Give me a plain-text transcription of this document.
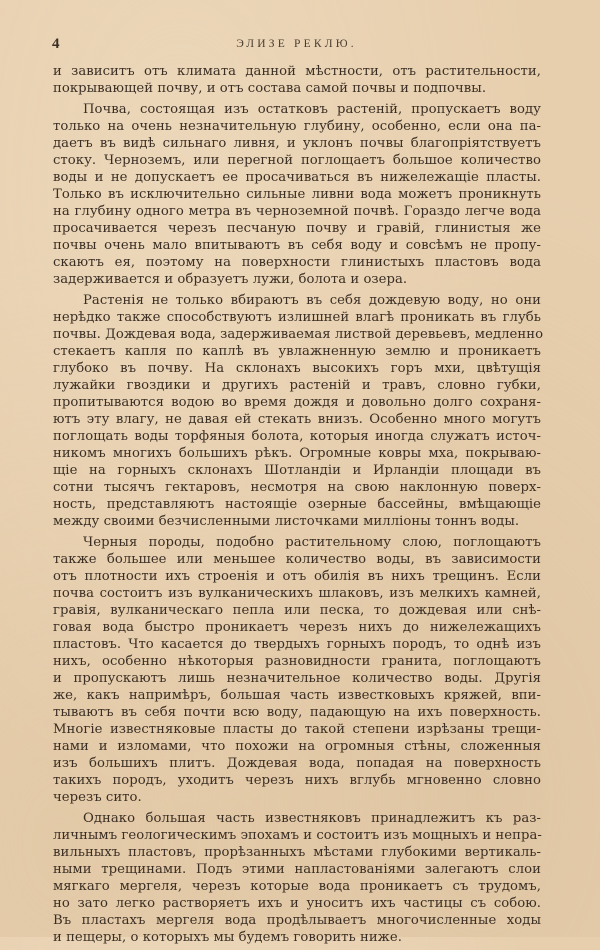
4	ЭЛИЗЕ РЕКЛЮ.

и зависитъ отъ климата данной мѣстности, отъ растительности,
покрывающей почву, и отъ состава самой почвы и подпочвы.

Почва, состоящая изъ остатковъ растеній, пропускаетъ воду
только на очень незначительную глубину, особенно, если она па-
даетъ въ видѣ сильнаго ливня, и уклонъ почвы благопріятствуетъ
стоку. Черноземъ, или перегной поглощаетъ большое количество
воды и не допускаетъ ее просачиваться въ нижележащіе пласты.
Только въ исключительно сильные ливни вода можетъ проникнуть
на глубину одного метра въ черноземной почвѣ. Гораздо легче вода
просачивается черезъ песчаную почву и гравій, глинистыя же
почвы очень мало впитываютъ въ себя воду и совсѣмъ не пропу-
скаютъ ея, поэтому на поверхности глинистыхъ пластовъ вода
задерживается и образуетъ лужи, болота и озера.

Растенія не только вбираютъ въ себя дождевую воду, но они
нерѣдко также способствуютъ излишней влагѣ проникать въ глубь
почвы. Дождевая вода, задерживаемая листвой деревьевъ, медленно
стекаетъ капля по каплѣ въ увлажненную землю и проникаетъ
глубоко въ почву. На склонахъ высокихъ горъ мхи, цвѣтущія
лужайки гвоздики и другихъ растеній и травъ, словно губки,
пропитываются водою во время дождя и довольно долго сохраня-
ютъ эту влагу, не давая ей стекать внизъ. Особенно много могутъ
поглощать воды торфяныя болота, которыя иногда служатъ источ-
никомъ многихъ большихъ рѣкъ. Огромные ковры мха, покрываю-
щіе на горныхъ склонахъ Шотландіи и Ирландіи площади въ
сотни тысячъ гектаровъ, несмотря на свою наклонную поверх-
ность, представляютъ настоящіе озерные бассейны, вмѣщающіе
между своими безчисленными листочками милліоны тоннъ воды.

Черныя породы, подобно растительному слою, поглощаютъ
также большее или меньшее количество воды, въ зависимости
отъ плотности ихъ строенія и отъ обилія въ нихъ трещинъ. Если
почва состоитъ изъ вулканическихъ шлаковъ, изъ мелкихъ камней,
гравія, вулканическаго пепла или песка, то дождевая или снѣ-
говая вода быстро проникаетъ черезъ нихъ до нижележащихъ
пластовъ. Что касается до твердыхъ горныхъ породъ, то однѣ изъ
нихъ, особенно нѣкоторыя разновидности гранита, поглощаютъ
и пропускаютъ лишь незначительное количество воды. Другія
же, какъ напримѣръ, большая часть известковыхъ кряжей, впи-
тываютъ въ себя почти всю воду, падающую на ихъ поверхность.
Многіе известняковые пласты до такой степени изрѣзаны трещи-
нами и изломами, что похожи на огромныя стѣны, сложенныя
изъ большихъ плитъ. Дождевая вода, попадая на поверхность
такихъ породъ, уходитъ черезъ нихъ вглубь мгновенно словно
черезъ сито.

Однако большая часть известняковъ принадлежитъ къ раз-
личнымъ геологическимъ эпохамъ и состоитъ изъ мощныхъ и непра-
вильныхъ пластовъ, прорѣзанныхъ мѣстами глубокими вертикаль-
ными трещинами. Подъ этими напластованіями залегаютъ слои
мягкаго мергеля, черезъ которые вода проникаетъ съ трудомъ,
но зато легко растворяетъ ихъ и уноситъ ихъ частицы съ собою.
Въ пластахъ мергеля вода продѣлываетъ многочисленные ходы
и пещеры, о которыхъ мы будемъ говорить ниже.
